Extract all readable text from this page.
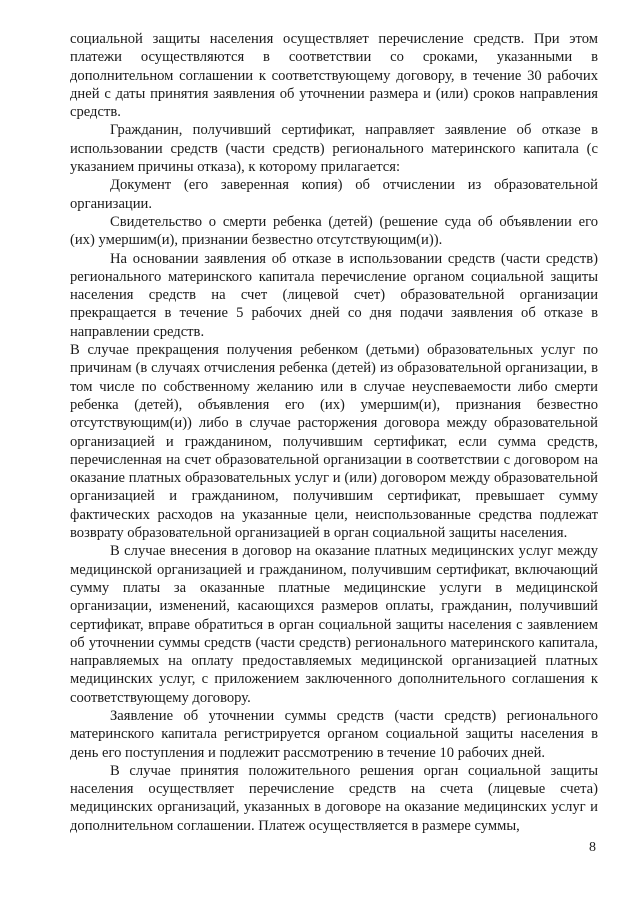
социальной защиты населения осуществляет перечисление средств. При этом платежи осуществляются в соответствии со сроками, указанными в дополнительном соглашении к соответствующему договору, в течение 30 рабочих дней с даты принятия заявления об уточнении размера и (или) сроков направления средств.

Гражданин, получивший сертификат, направляет заявление об отказе в использовании средств (части средств) регионального материнского капитала (с указанием причины отказа), к которому прилагается:

Документ (его заверенная копия) об отчислении из образовательной организации.

Свидетельство о смерти ребенка (детей) (решение суда об объявлении его (их) умершим(и), признании безвестно отсутствующим(и)).

На основании заявления об отказе в использовании средств (части средств) регионального материнского капитала перечисление органом социальной защиты населения средств на счет (лицевой счет) образовательной организации прекращается в течение 5 рабочих дней со дня подачи заявления об отказе в направлении средств.

В случае прекращения получения ребенком (детьми) образовательных услуг по причинам (в случаях отчисления ребенка (детей) из образовательной организации, в том числе по собственному желанию или в случае неуспеваемости либо смерти ребенка (детей), объявления его (их) умершим(и), признания безвестно отсутствующим(и)) либо в случае расторжения договора между образовательной организацией и гражданином, получившим сертификат, если сумма средств, перечисленная на счет образовательной организации в соответствии с договором на оказание платных образовательных услуг и (или) договором между образовательной организацией и гражданином, получившим сертификат, превышает сумму фактических расходов на указанные цели, неиспользованные средства подлежат возврату образовательной организацией в орган социальной защиты населения.

В случае внесения в договор на оказание платных медицинских услуг между медицинской организацией и гражданином, получившим сертификат, включающий сумму платы за оказанные платные медицинские услуги в медицинской организации, изменений, касающихся размеров оплаты, гражданин, получивший сертификат, вправе обратиться в орган социальной защиты населения с заявлением об уточнении суммы средств (части средств) регионального материнского капитала, направляемых на оплату предоставляемых медицинской организацией платных медицинских услуг, с приложением заключенного дополнительного соглашения к соответствующему договору.

Заявление об уточнении суммы средств (части средств) регионального материнского капитала регистрируется органом социальной защиты населения в день его поступления и подлежит рассмотрению в течение 10 рабочих дней.

В случае принятия положительного решения орган социальной защиты населения осуществляет перечисление средств на счета (лицевые счета) медицинских организаций, указанных в договоре на оказание медицинских услуг и дополнительном соглашении. Платеж осуществляется в размере суммы,

8
